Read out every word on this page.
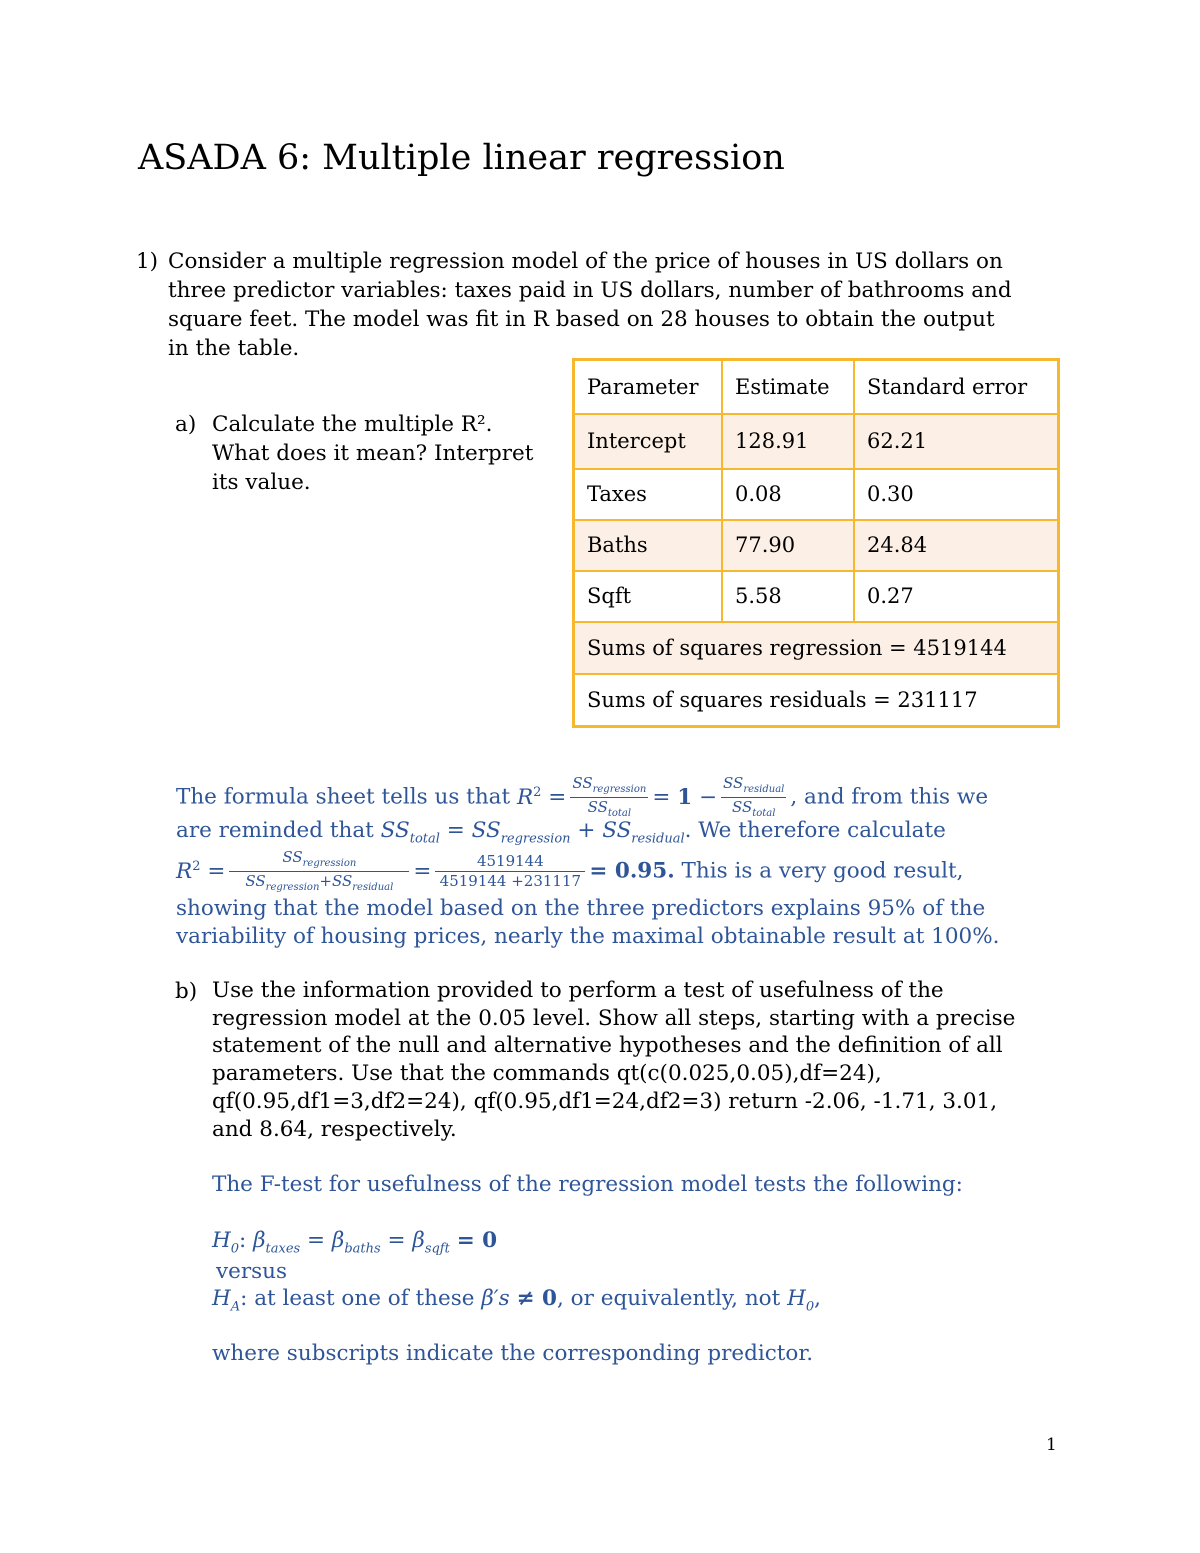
ASADA 6: Multiple linear regression
1) Consider a multiple regression model of the price of houses in US dollars on
three predictor variables: taxes paid in US dollars, number of bathrooms and
square feet. The model was fit in R based on 28 houses to obtain the output
in the table.
a) Calculate the multiple R².
What does it mean? Interpret
its value.
Parameter	Estimate	Standard error
Intercept	128.91	62.21
Taxes	0.08	0.30
Baths	77.90	24.84
Sqft	5.58	0.27
Sums of squares regression = 4519144		
Sums of squares residuals = 231117		
The formula sheet tells us that $R^2 = \frac{SS_{regression}}{SS_{total}} = 1 - \frac{SS_{residual}}{SS_{total}}$ , and from this we
are reminded that $SS_{total} = SS_{regression} + SS_{residual}$. We therefore calculate
$R^2 = \frac{SS_{regression}}{SS_{regression}+SS_{residual}} = \frac{4519144}{4519144 +231117} = 0.95$. This is a very good result,
showing that the model based on the three predictors explains 95% of the
variability of housing prices, nearly the maximal obtainable result at 100%.
b) Use the information provided to perform a test of usefulness of the
regression model at the 0.05 level. Show all steps, starting with a precise
statement of the null and alternative hypotheses and the definition of all
parameters. Use that the commands qt(c(0.025,0.05),df=24),
qf(0.95,df1=3,df2=24), qf(0.95,df1=24,df2=3) return -2.06, -1.71, 3.01,
and 8.64, respectively.
The F-test for usefulness of the regression model tests the following:
$H_0$: $\beta_{taxes} = \beta_{baths} = \beta_{sqft} = 0$
versus
$H_A$: at least one of these β′s ≠ 0, or equivalently, not $H_0$,
where subscripts indicate the corresponding predictor.
1
